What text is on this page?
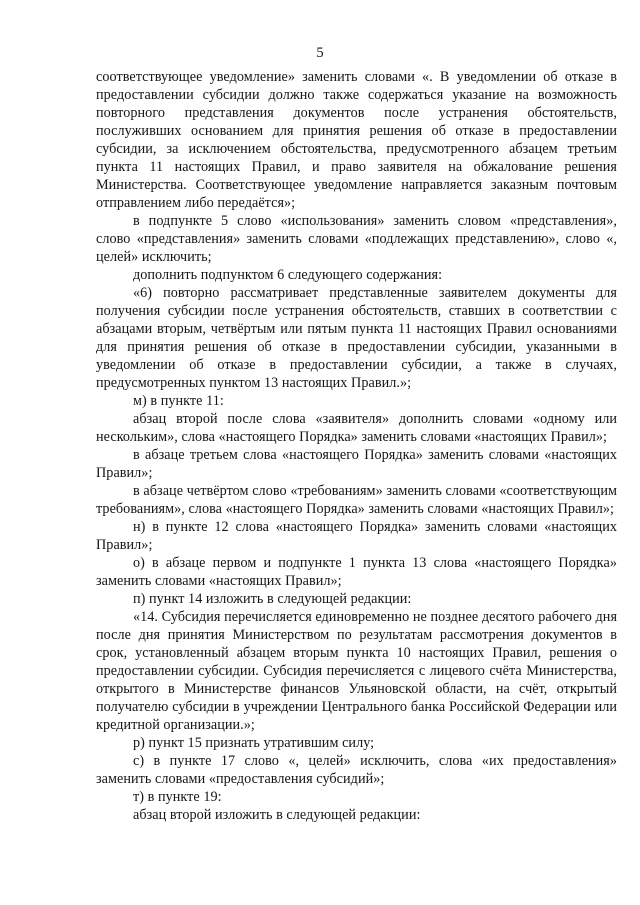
5

соответствующее уведомление» заменить словами «. В уведомлении об отказе в предоставлении субсидии должно также содержаться указание на возможность повторного представления документов после устранения обстоятельств, послуживших основанием для принятия решения об отказе в предоставлении субсидии, за исключением обстоятельства, предусмотренного абзацем третьим пункта 11 настоящих Правил, и право заявителя на обжалование решения Министерства. Соответствующее уведомление направляется заказным почтовым отправлением либо передаётся»;

в подпункте 5 слово «использования» заменить словом «представления», слово «представления» заменить словами «подлежащих представлению», слово «, целей» исключить;

дополнить подпунктом 6 следующего содержания:

«6) повторно рассматривает представленные заявителем документы для получения субсидии после устранения обстоятельств, ставших в соответствии с абзацами вторым, четвёртым или пятым пункта 11 настоящих Правил основаниями для принятия решения об отказе в предоставлении субсидии, указанными в уведомлении об отказе в предоставлении субсидии, а также в случаях, предусмотренных пунктом 13 настоящих Правил.»;

м) в пункте 11:

абзац второй после слова «заявителя» дополнить словами «одному или нескольким», слова «настоящего Порядка» заменить словами «настоящих Правил»;

в абзаце третьем слова «настоящего Порядка» заменить словами «настоящих Правил»;

в абзаце четвёртом слово «требованиям» заменить словами «соответствующим требованиям», слова «настоящего Порядка» заменить словами «настоящих Правил»;

н) в пункте 12 слова «настоящего Порядка» заменить словами «настоящих Правил»;

о) в абзаце первом и подпункте 1 пункта 13 слова «настоящего Порядка» заменить словами «настоящих Правил»;

п) пункт 14 изложить в следующей редакции:

«14. Субсидия перечисляется единовременно не позднее десятого рабочего дня после дня принятия Министерством по результатам рассмотрения документов в срок, установленный абзацем вторым пункта 10 настоящих Правил, решения о предоставлении субсидии. Субсидия перечисляется с лицевого счёта Министерства, открытого в Министерстве финансов Ульяновской области, на счёт, открытый получателю субсидии в учреждении Центрального банка Российской Федерации или кредитной организации.»;

р) пункт 15 признать утратившим силу;

с) в пункте 17 слово «, целей» исключить, слова «их предоставления» заменить словами «предоставления субсидий»;

т) в пункте 19:

абзац второй изложить в следующей редакции:
